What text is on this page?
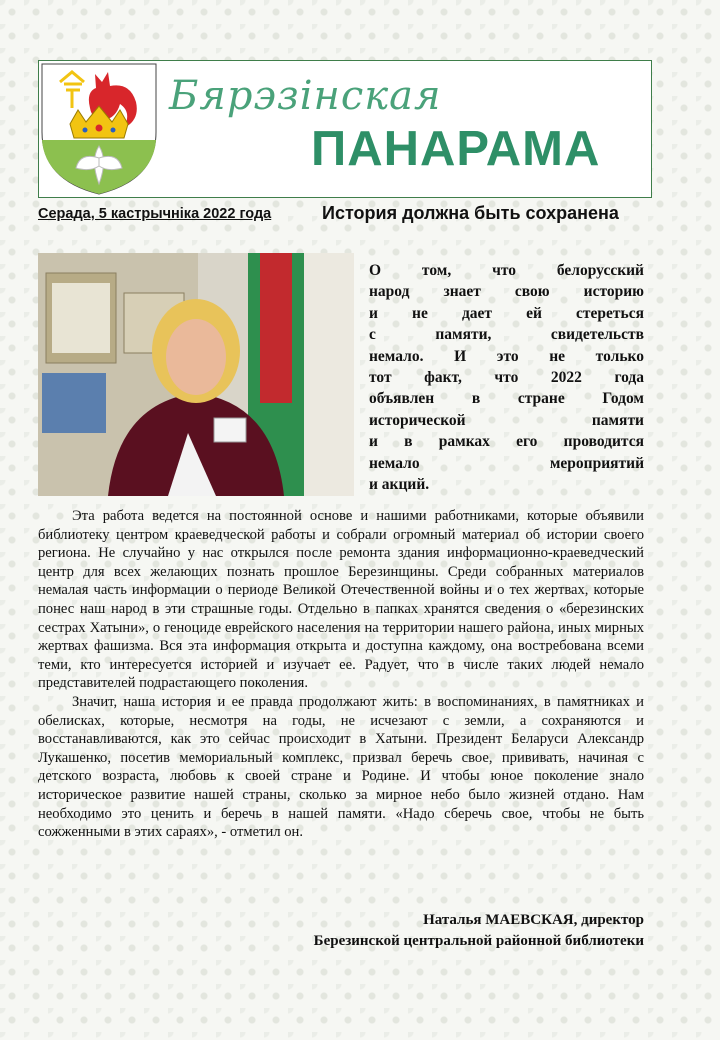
Бярэзінская
ПАНАРАМА
Серада, 5 кастрычніка 2022 года	История должна быть сохранена
О том, что белорусский
народ знает свою историю
и не дает ей стереться
с памяти, свидетельств
немало. И это не только
тот факт, что 2022 года
объявлен в стране Годом
исторической памяти
и в рамках его проводится
немало мероприятий
и акций.

Эта работа ведется на постоянной основе и нашими работниками, которые объявили библиотеку центром краеведческой работы и собрали огромный материал об истории своего региона. Не случайно у нас открылся после ремонта здания информационно-краеведческий центр для всех желающих познать прошлое Березинщины. Среди собранных материалов немалая часть информации о периоде Великой Отечественной войны и о тех жертвах, которые понес наш народ в эти страшные годы. Отдельно в папках хранятся сведения о «березинских сестрах Хатыни», о геноциде еврейского населения на территории нашего района, иных мирных жертвах фашизма. Вся эта информация открыта и доступна каждому, она востребована всеми теми, кто интересуется историей и изучает ее. Радует, что в числе таких людей немало представителей подрастающего поколения.

Значит, наша история и ее правда продолжают жить: в воспоминаниях, в памятниках и обелисках, которые, несмотря на годы, не исчезают с земли, а сохраняются и восстанавливаются, как это сейчас происходит в Хатыни. Президент Беларуси Александр Лукашенко, посетив мемориальный комплекс, призвал беречь свое, прививать, начиная с детского возраста, любовь к своей стране и Родине. И чтобы юное поколение знало историческое развитие нашей страны, сколько за мирное небо было жизней отдано. Нам необходимо это ценить и беречь в нашей памяти. «Надо сберечь свое, чтобы не быть сожженными в этих сараях», - отметил он.

Наталья МАЕВСКАЯ, директор
Березинской центральной районной библиотеки
